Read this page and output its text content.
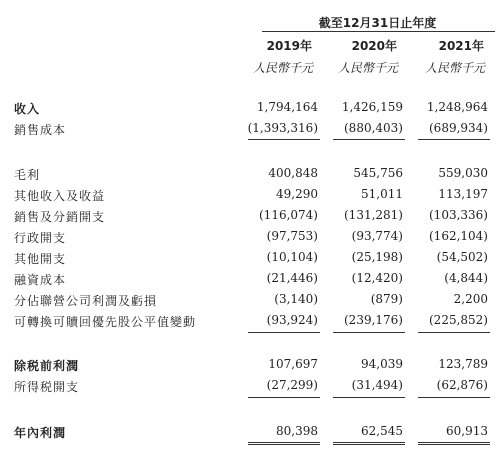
截至12月31日止年度
2019年	2020年	2021年
人民幣千元	人民幣千元	人民幣千元
收入	1,794,164	1,426,159	1,248,964
銷售成本	(1,393,316)	(880,403)	(689,934)
毛利	400,848	545,756	559,030
其他收入及收益	49,290	51,011	113,197
銷售及分銷開支	(116,074)	(131,281)	(103,336)
行政開支	(97,753)	(93,774)	(162,104)
其他開支	(10,104)	(25,198)	(54,502)
融資成本	(21,446)	(12,420)	(4,844)
分佔聯營公司利潤及虧損	(3,140)	(879)	2,200
可轉換可贖回優先股公平值變動	(93,924)	(239,176)	(225,852)
除税前利潤	107,697	94,039	123,789
所得税開支	(27,299)	(31,494)	(62,876)
年內利潤	80,398	62,545	60,913
